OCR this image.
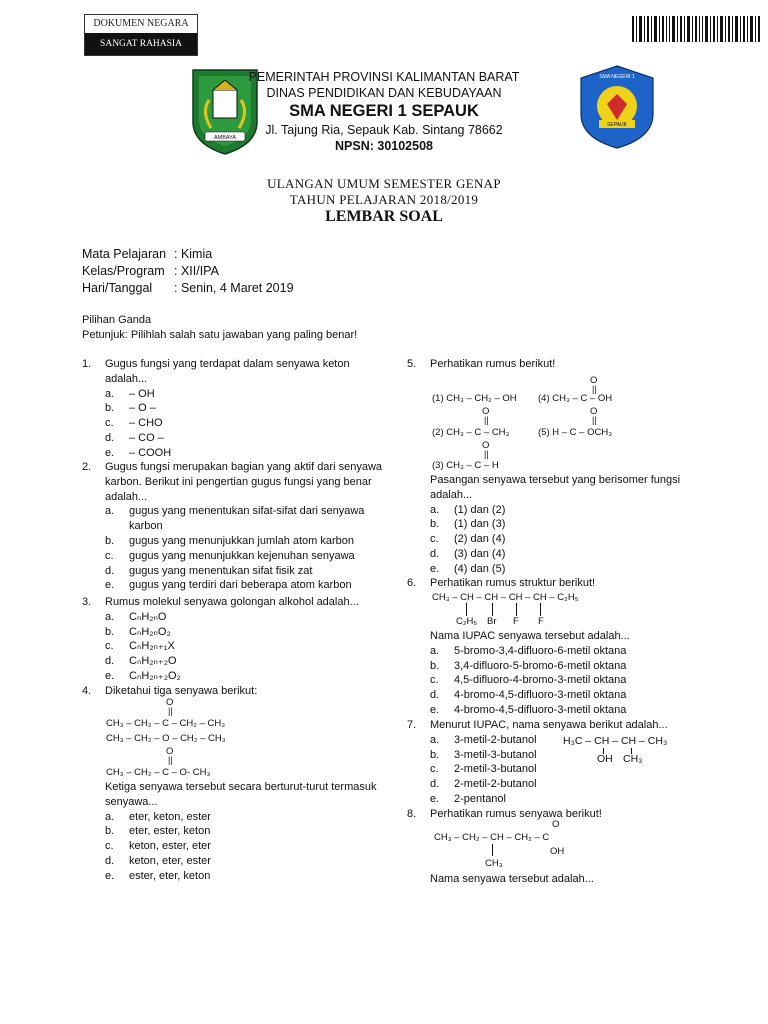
DOKUMEN NEGARA
SANGAT RAHASIA
AMBAYA
SMA NEGERI 1
SEPAUK
PEMERINTAH PROVINSI KALIMANTAN BARAT
DINAS PENDIDIKAN DAN KEBUDAYAAN
SMA NEGERI 1 SEPAUK
Jl. Tajung Ria, Sepauk Kab. Sintang 78662
NPSN: 30102508
ULANGAN UMUM SEMESTER GENAP
TAHUN PELAJARAN 2018/2019
LEMBAR SOAL
Mata Pelajaran : Kimia
Kelas/Program : XII/IPA
Hari/Tanggal	: Senin, 4 Maret 2019
Pilihan Ganda
Petunjuk: Pilihlah salah satu jawaban yang paling benar!
1. Gugus fungsi yang terdapat dalam senyawa keton adalah...
a.	– OH
b.	– O –
c.	– CHO
d.	– CO –
e.	– COOH
2. Gugus fungsi merupakan bagian yang aktif dari senyawa karbon. Berikut ini pengertian gugus fungsi yang benar adalah...
a.	gugus yang menentukan sifat-sifat dari senyawa karbon
b.	gugus yang menunjukkan jumlah atom karbon
c.	gugus yang menunjukkan kejenuhan senyawa
d.	gugus yang menentukan sifat fisik zat
e.	gugus yang terdiri dari beberapa atom karbon
3. Rumus molekul senyawa golongan alkohol adalah...
a.	CₙH₂ₙO
b.	CₙH₂ₙO₂
c.	CₙH₂ₙ₊₁X
d.	CₙH₂ₙ₊₂O
e.	CₙH₂ₙ₊₂O₂
4. Diketahui tiga senyawa berikut:
O
||
CH₃ – CH₂ – C – CH₂ – CH₃
CH₃ – CH₂ – O – CH₂ – CH₃
O
||
CH₃ – CH₂ – C – O- CH₃
Ketiga senyawa tersebut secara berturut-turut termasuk senyawa...
a.	eter, keton, ester
b.	eter, ester, keton
c.	keton, ester, eter
d.	keton, eter, ester
e.	ester, eter, keton
5. Perhatikan rumus berikut!
(1) CH₃ – CH₂ – OH
O
||
(4) CH₃ – C – OH
O
||
(2) CH₃ – C – CH₃
O
||
(5) H – C – OCH₃
O
||
(3) CH₃ – C – H
Pasangan senyawa tersebut yang berisomer fungsi adalah...
a.	(1) dan (2)
b.	(1) dan (3)
c.	(2) dan (4)
d.	(3) dan (4)
e.	(4) dan (5)
6. Perhatikan rumus struktur berikut!
CH₃ – CH – CH – CH – CH – C₂H₅
C₂H₅ Br F F
Nama IUPAC senyawa tersebut adalah...
a.	5-bromo-3,4-difluoro-6-metil oktana
b.	3,4-difluoro-5-bromo-6-metil oktana
c.	4,5-difluoro-4-bromo-3-metil oktana
d.	4-bromo-4,5-difluoro-3-metil oktana
e.	4-bromo-4,5-difluoro-3-metil oktana
7. Menurut IUPAC, nama senyawa berikut adalah...
a.	3-metil-2-butanol
b.	3-metil-3-butanol
c.	2-metil-3-butanol
d.	2-metil-2-butanol
e.	2-pentanol
H₃C – CH – CH – CH₃
OH CH₃
8. Perhatikan rumus senyawa berikut!
CH₃ – CH₂ – CH – CH₂ – C
O
OH
CH₃
Nama senyawa tersebut adalah...
